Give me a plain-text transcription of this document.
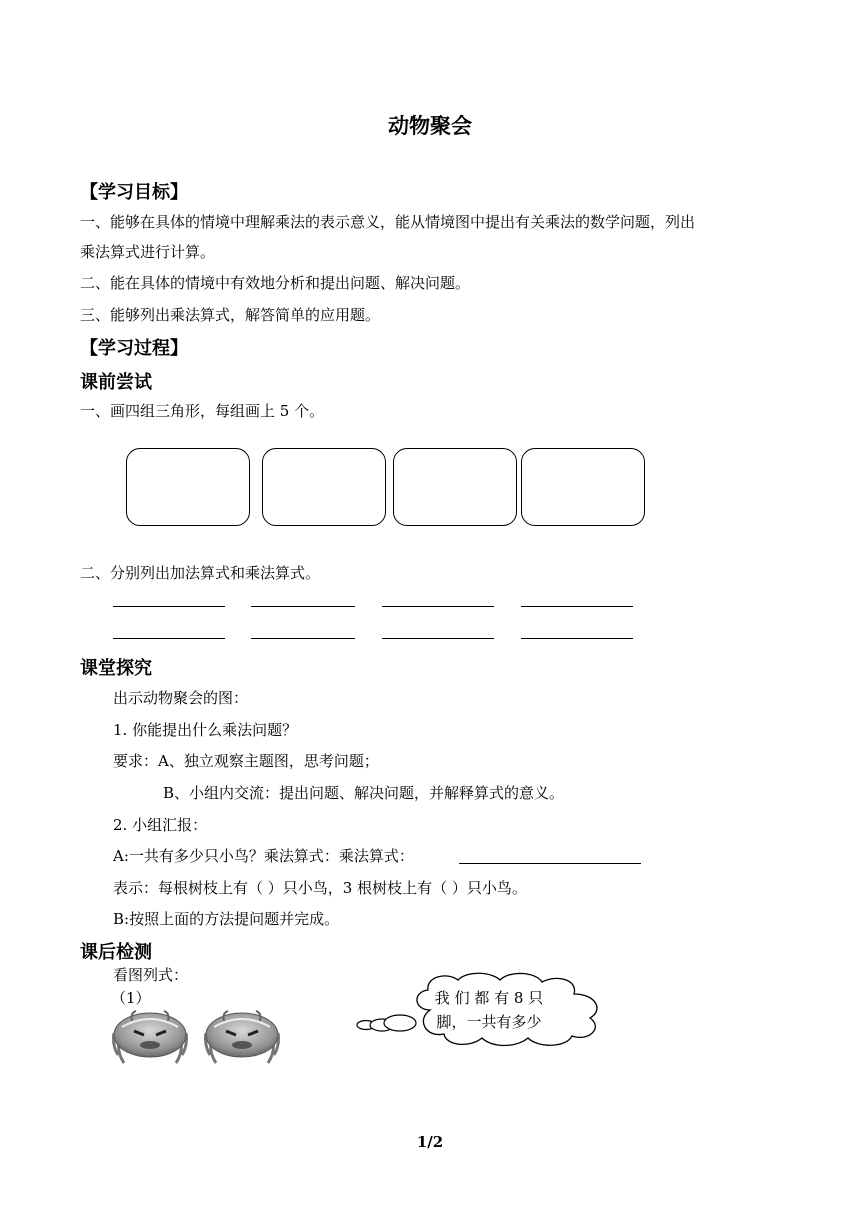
动物聚会
【学习目标】
一、能够在具体的情境中理解乘法的表示意义，能从情境图中提出有关乘法的数学问题，列出
乘法算式进行计算。
二、能在具体的情境中有效地分析和提出问题、解决问题。
三、能够列出乘法算式，解答简单的应用题。
【学习过程】
课前尝试
一、画四组三角形，每组画上 5 个。
二、分别列出加法算式和乘法算式。
课堂探究
出示动物聚会的图：
1. 你能提出什么乘法问题？
要求：A、独立观察主题图，思考问题；
B、小组内交流：提出问题、解决问题，并解释算式的意义。
2. 小组汇报：
A:一共有多少只小鸟？乘法算式：乘法算式：
表示：每根树枝上有（ ）只小鸟，3 根树枝上有（ ）只小鸟。
B:按照上面的方法提问题并完成。
课后检测
看图列式：
（1）	我 们 都 有 8 只
脚，一共有多少
1/2
